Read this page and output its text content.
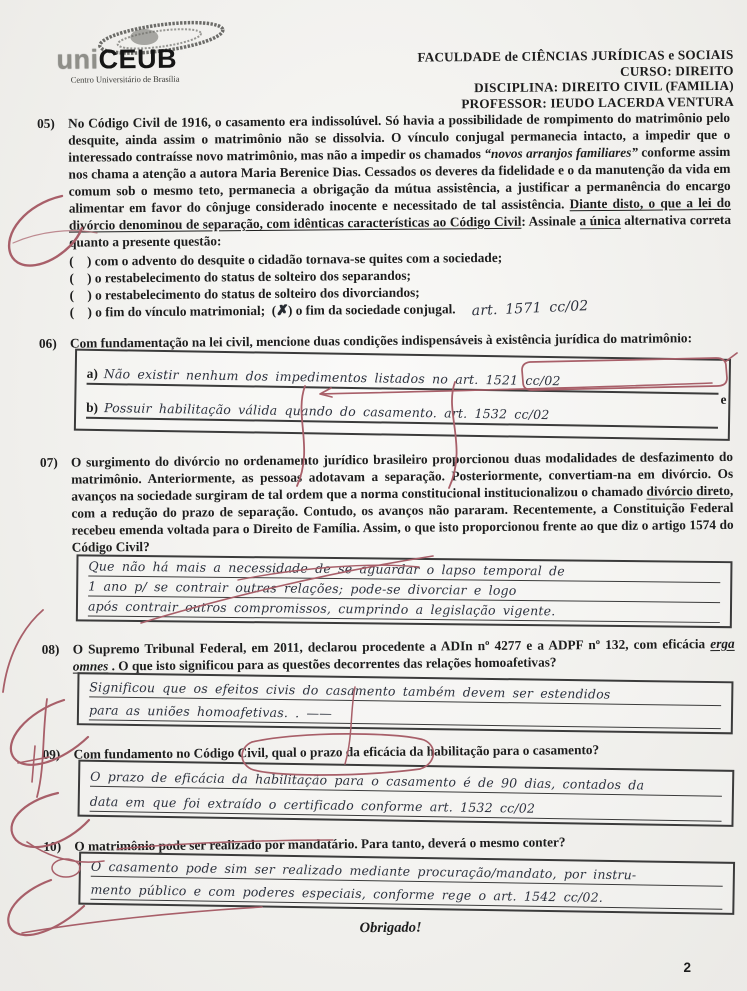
uniCEUB
Centro Universitário de Brasília
FACULDADE de CIÊNCIAS JURÍDICAS e SOCIAIS
CURSO: DIREITO
DISCIPLINA: DIREITO CIVIL (FAMILIA)
PROFESSOR: IEUDO LACERDA VENTURA
05) No Código Civil de 1916, o casamento era indissolúvel. Só havia a possibilidade de rompimento do matrimônio pelo desquite, ainda assim o matrimônio não se dissolvia. O vínculo conjugal permanecia intacto, a impedir que o interessado contraísse novo matrimônio, mas não a impedir os chamados “novos arranjos familiares” conforme assim nos chama a atenção a autora Maria Berenice Dias. Cessados os deveres da fidelidade e o da manutenção da vida em comum sob o mesmo teto, permanecia a obrigação da mútua assistência, a justificar a permanência do encargo alimentar em favor do cônjuge considerado inocente e necessitado de tal assistência. Diante disto, o que a lei do divórcio denominou de separação, com idênticas características ao Código Civil: Assinale a única alternativa correta quanto a presente questão:
(    ) com o advento do desquite o cidadão tornava-se quites com a sociedade;
(    ) o restabelecimento do status de solteiro dos separandos;
(    ) o restabelecimento do status de solteiro dos divorciandos;
(    ) o fim do vínculo matrimonial;  (✗) o fim da sociedade conjugal. art. 1571 cc/02
06) Com fundamentação na lei civil, mencione duas condições indispensáveis à existência jurídica do matrimônio:
a) Não existir nenhum dos impedimentos listados no art. 1521 cc/02
b) Possuir habilitação válida quando do casamento. art. 1532 cc/02
e
07) O surgimento do divórcio no ordenamento jurídico brasileiro proporcionou duas modalidades de desfazimento do matrimônio. Anteriormente, as pessoas adotavam a separação. Posteriormente, convertiam-na em divórcio. Os avanços na sociedade surgiram de tal ordem que a norma constitucional institucionalizou o chamado divórcio direto, com a redução do prazo de separação. Contudo, os avanços não pararam. Recentemente, a Constituição Federal recebeu emenda voltada para o Direito de Família. Assim, o que isto proporcionou frente ao que diz o artigo 1574 do Código Civil?
Que não há mais a necessidade de se aguardar o lapso temporal de
1 ano p/ se contrair outras relações; pode-se divorciar e logo
após contrair outros compromissos, cumprindo a legislação vigente.
08) O Supremo Tribunal Federal, em 2011, declarou procedente a ADIn nº 4277 e a ADPF nº 132, com eficácia erga omnes . O que isto significou para as questões decorrentes das relações homoafetivas?
Significou que os efeitos civis do casamento também devem ser estendidos
para as uniões homoafetivas. . ——
09) Com fundamento no Código Civil, qual o prazo da eficácia da habilitação para o casamento?
O prazo de eficácia da habilitação para o casamento é de 90 dias, contados da
data em que foi extraído o certificado conforme art. 1532 cc/02
10) O matrimônio pode ser realizado por mandatário. Para tanto, deverá o mesmo conter?
O casamento pode sim ser realizado mediante procuração/mandato, por instru-
mento público e com poderes especiais, conforme rege o art. 1542 cc/02.
Obrigado!
2
